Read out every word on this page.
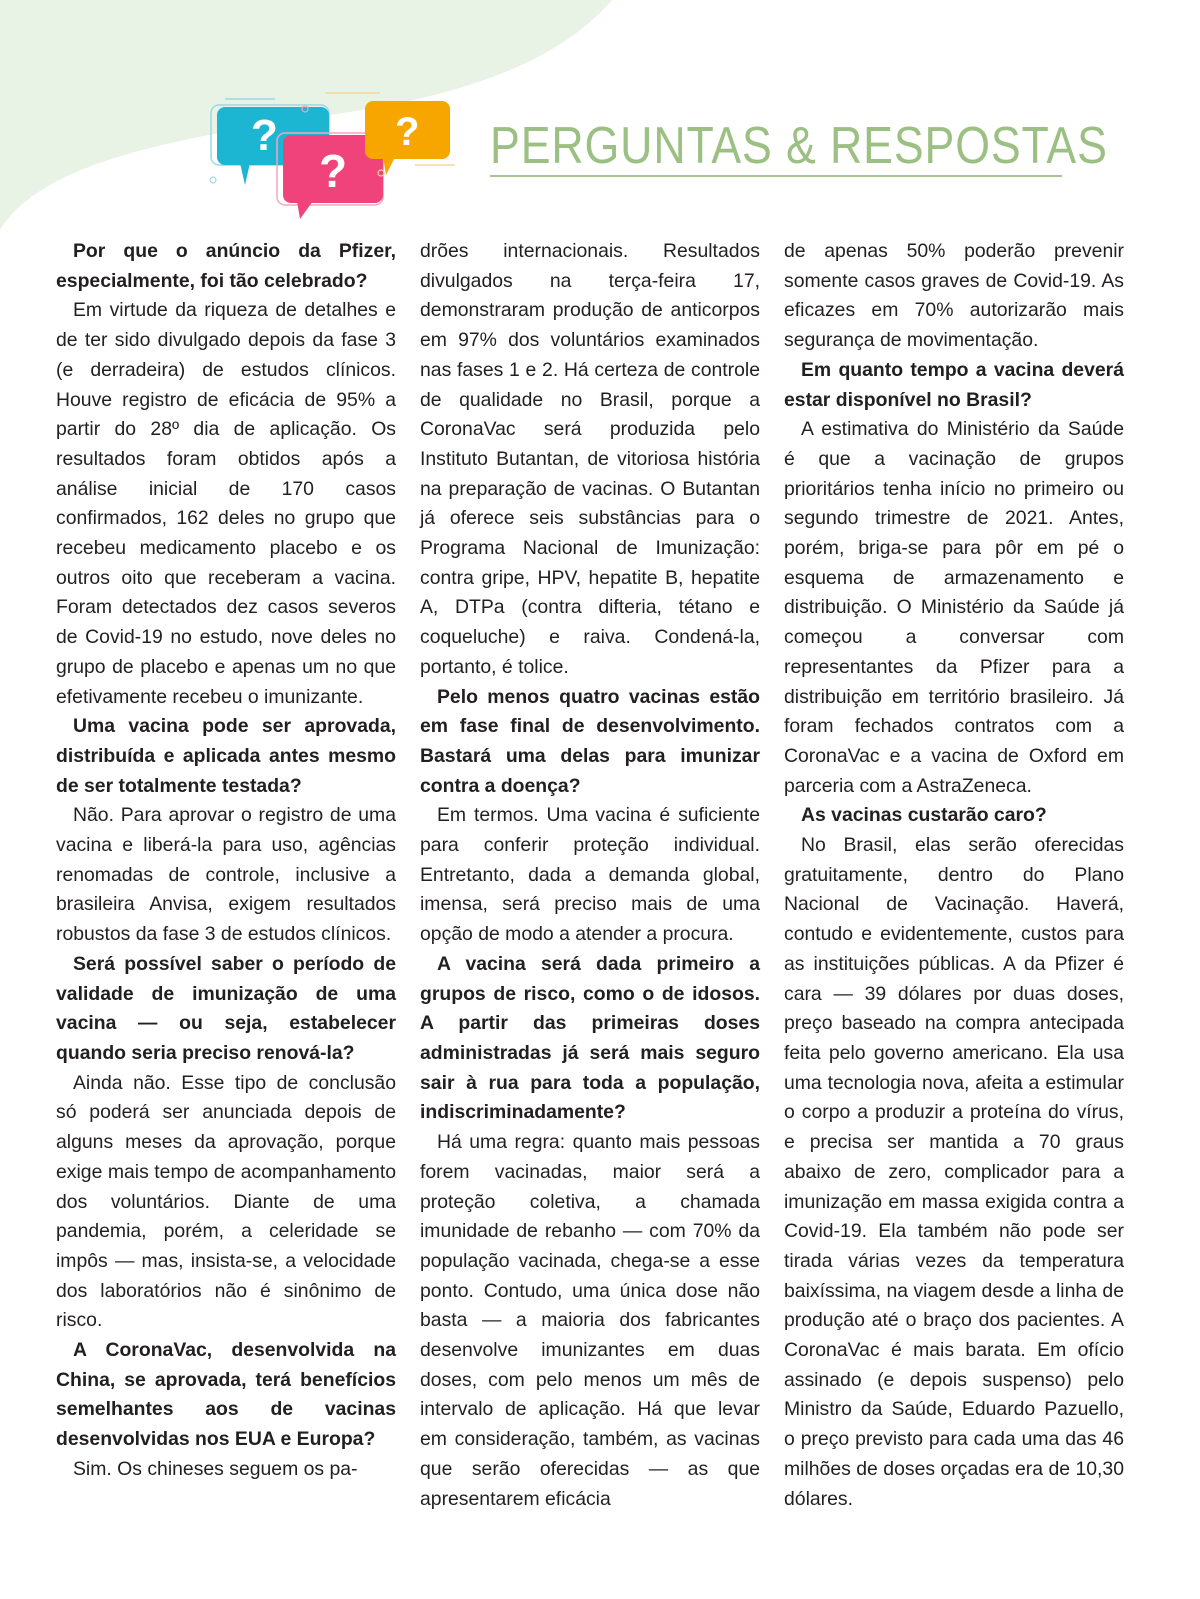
?
?
? PERGUNTAS & RESPOSTAS

Por que o anúncio da Pfizer, especialmente, foi tão celebrado?

Em virtude da riqueza de detalhes e de ter sido divulgado depois da fase 3 (e derradeira) de estudos clínicos. Houve registro de eficácia de 95% a partir do 28º dia de aplicação. Os resultados foram obtidos após a análise inicial de 170 casos confirmados, 162 deles no grupo que recebeu medicamento placebo e os outros oito que receberam a vacina. Foram detectados dez casos severos de Covid-19 no estudo, nove deles no grupo de placebo e apenas um no que efetivamente recebeu o imunizante.

Uma vacina pode ser aprovada, distribuída e aplicada antes mesmo de ser totalmente testada?

Não. Para aprovar o registro de uma vacina e liberá-la para uso, agências renomadas de controle, inclusive a brasileira Anvisa, exigem resultados robustos da fase 3 de estudos clínicos.

Será possível saber o período de validade de imunização de uma vacina — ou seja, estabelecer quando seria preciso renová-la?

Ainda não. Esse tipo de conclusão só poderá ser anunciada depois de alguns meses da aprovação, porque exige mais tempo de acompanhamento dos voluntários. Diante de uma pandemia, porém, a celeridade se impôs — mas, insista-se, a velocidade dos laboratórios não é sinônimo de risco.

A CoronaVac, desenvolvida na China, se aprovada, terá benefícios semelhantes aos de vacinas desenvolvidas nos EUA e Europa?

Sim. Os chineses seguem os pa-

drões internacionais. Resultados divulgados na terça-feira 17, demonstraram produção de anticorpos em 97% dos voluntários examinados nas fases 1 e 2. Há certeza de controle de qualidade no Brasil, porque a CoronaVac será produzida pelo Instituto Butantan, de vitoriosa história na preparação de vacinas. O Butantan já oferece seis substâncias para o Programa Nacional de Imunização: contra gripe, HPV, hepatite B, hepatite A, DTPa (contra difteria, tétano e coqueluche) e raiva. Condená-la, portanto, é tolice.

Pelo menos quatro vacinas estão em fase final de desenvolvimento. Bastará uma delas para imunizar contra a doença?

Em termos. Uma vacina é suficiente para conferir proteção individual. Entretanto, dada a demanda global, imensa, será preciso mais de uma opção de modo a atender a procura.

A vacina será dada primeiro a grupos de risco, como o de idosos. A partir das primeiras doses administradas já será mais seguro sair à rua para toda a população, indiscriminadamente?

Há uma regra: quanto mais pessoas forem vacinadas, maior será a proteção coletiva, a chamada imunidade de rebanho — com 70% da população vacinada, chega-se a esse ponto. Contudo, uma única dose não basta — a maioria dos fabricantes desenvolve imunizantes em duas doses, com pelo menos um mês de intervalo de aplicação. Há que levar em consideração, também, as vacinas que serão oferecidas — as que apresentarem eficácia

de apenas 50% poderão prevenir somente casos graves de Covid-19. As eficazes em 70% autorizarão mais segurança de movimentação.

Em quanto tempo a vacina deverá estar disponível no Brasil?

A estimativa do Ministério da Saúde é que a vacinação de grupos prioritários tenha início no primeiro ou segundo trimestre de 2021. Antes, porém, briga-se para pôr em pé o esquema de armazenamento e distribuição. O Ministério da Saúde já começou a conversar com representantes da Pfizer para a distribuição em território brasileiro. Já foram fechados contratos com a CoronaVac e a vacina de Oxford em parceria com a AstraZeneca.

As vacinas custarão caro?

No Brasil, elas serão oferecidas gratuitamente, dentro do Plano Nacional de Vacinação. Haverá, contudo e evidentemente, custos para as instituições públicas. A da Pfizer é cara — 39 dólares por duas doses, preço baseado na compra antecipada feita pelo governo americano. Ela usa uma tecnologia nova, afeita a estimular o corpo a produzir a proteína do vírus, e precisa ser mantida a 70 graus abaixo de zero, complicador para a imunização em massa exigida contra a Covid-19. Ela também não pode ser tirada várias vezes da temperatura baixíssima, na viagem desde a linha de produção até o braço dos pacientes. A CoronaVac é mais barata. Em ofício assinado (e depois suspenso) pelo Ministro da Saúde, Eduardo Pazuello, o preço previsto para cada uma das 46 milhões de doses orçadas era de 10,30 dólares.
